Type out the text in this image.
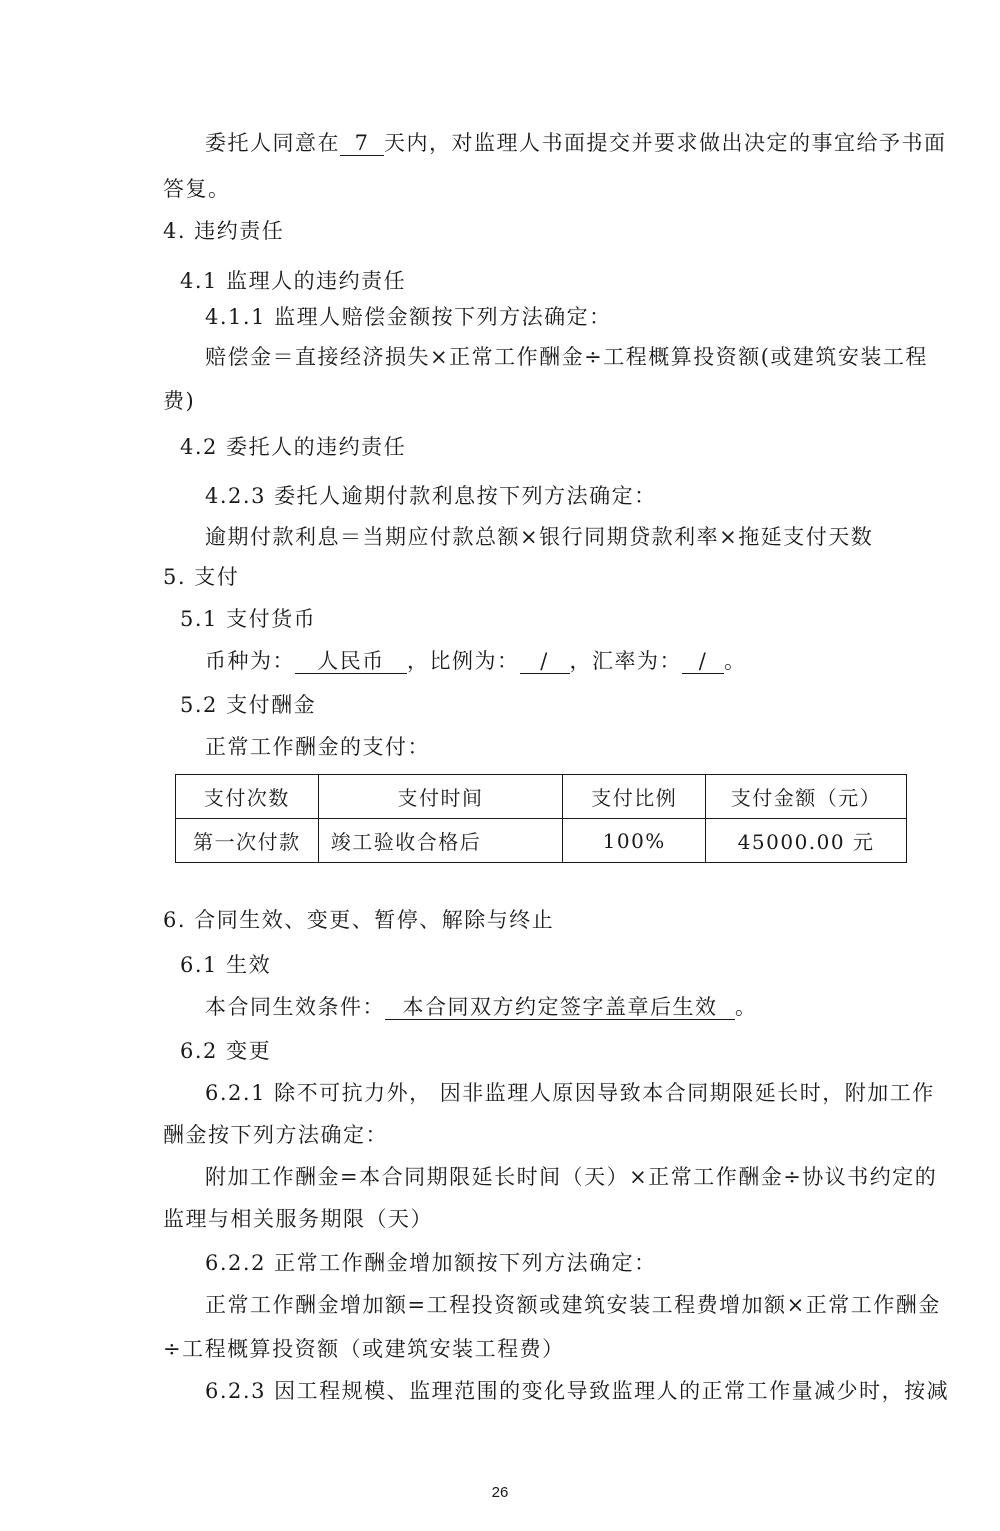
委托人同意在 7 天内，对监理人书面提交并要求做出决定的事宜给予书面
答复。
4. 违约责任
4.1 监理人的违约责任
4.1.1 监理人赔偿金额按下列方法确定：
赔偿金＝直接经济损失×正常工作酬金÷工程概算投资额(或建筑安装工程
费)
4.2 委托人的违约责任
4.2.3 委托人逾期付款利息按下列方法确定：
逾期付款利息＝当期应付款总额×银行同期贷款利率×拖延支付天数
5. 支付
5.1 支付货币
币种为： 人民币 ，比例为： / ，汇率为： / 。
5.2 支付酬金
正常工作酬金的支付：
支付次数	支付时间	支付比例	支付金额（元）
第一次付款	竣工验收合格后	100%	45000.00 元
6. 合同生效、变更、暂停、解除与终止
6.1 生效
本合同生效条件： 本合同双方约定签字盖章后生效 。
6.2 变更
6.2.1 除不可抗力外， 因非监理人原因导致本合同期限延长时，附加工作
酬金按下列方法确定：
附加工作酬金=本合同期限延长时间（天）×正常工作酬金÷协议书约定的
监理与相关服务期限（天）
6.2.2 正常工作酬金增加额按下列方法确定：
正常工作酬金增加额=工程投资额或建筑安装工程费增加额×正常工作酬金
÷工程概算投资额（或建筑安装工程费）
6.2.3 因工程规模、监理范围的变化导致监理人的正常工作量减少时，按减
26
